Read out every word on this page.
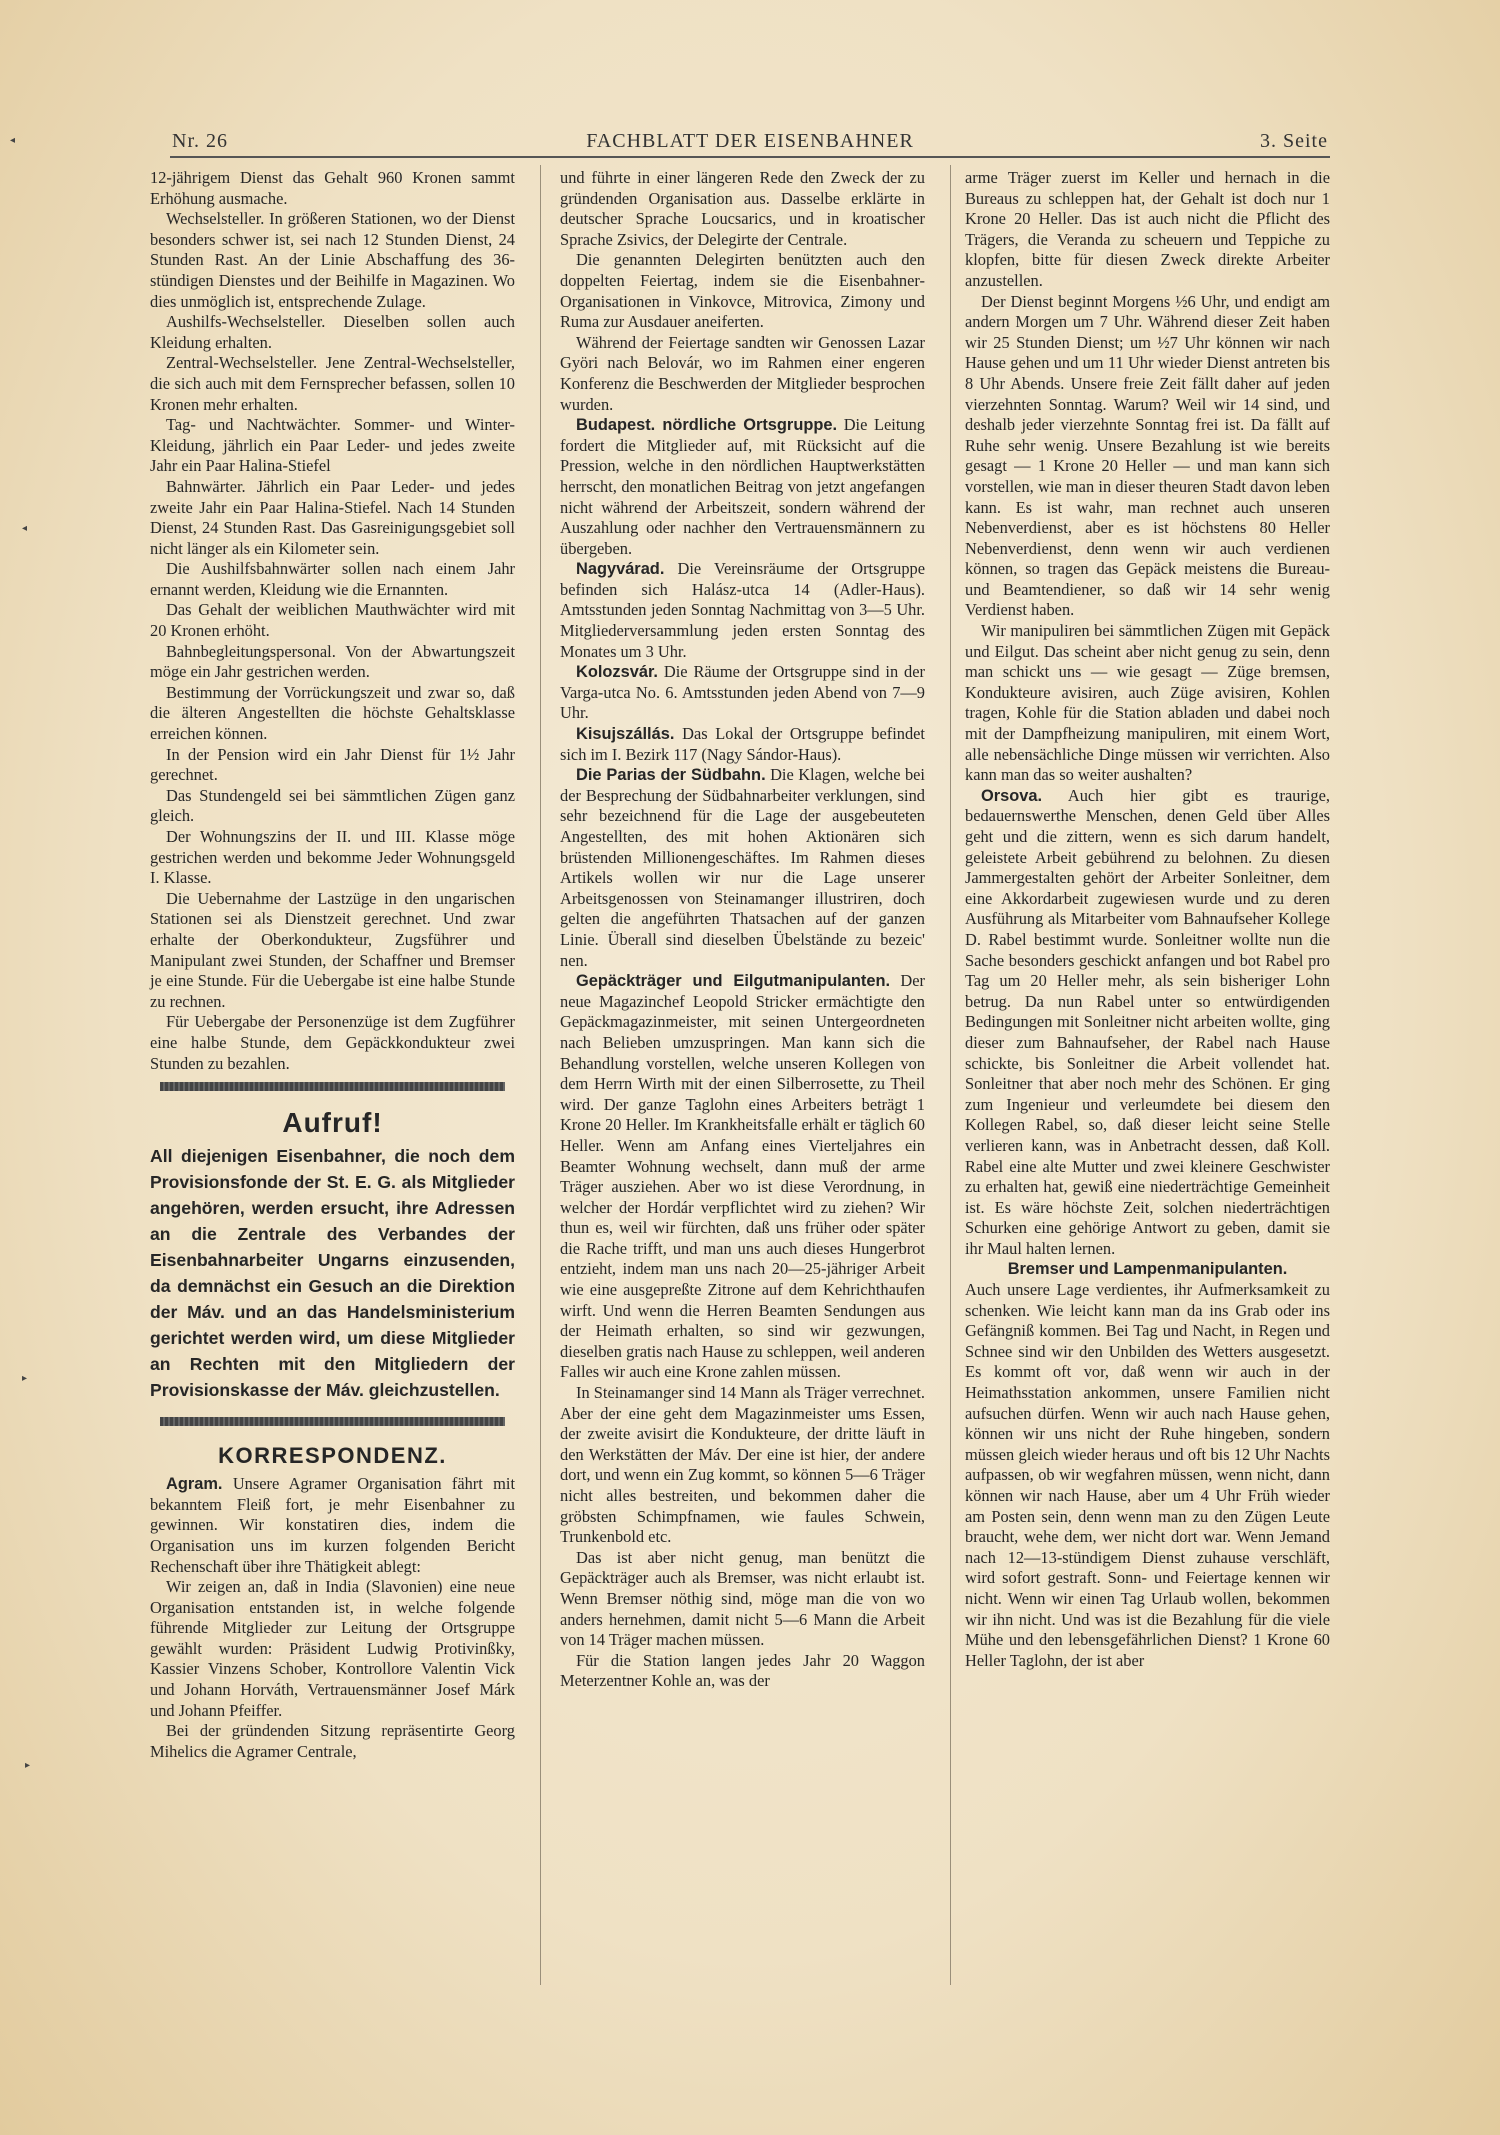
◂
◂
▸
▸
Nr. 26	FACHBLATT DER EISENBAHNER	3. Seite

12-jährigem Dienst das Gehalt 960 Kronen sammt Erhöhung ausmache.

Wechselsteller. In größeren Stationen, wo der Dienst besonders schwer ist, sei nach 12 Stunden Dienst, 24 Stunden Rast. An der Linie Abschaffung des 36-stündigen Dienstes und der Beihilfe in Magazinen. Wo dies unmöglich ist, entsprechende Zulage.

Aushilfs-Wechselsteller. Dieselben sollen auch Kleidung erhalten.

Zentral-Wechselsteller. Jene Zentral-Wechselsteller, die sich auch mit dem Fernsprecher befassen, sollen 10 Kronen mehr erhalten.

Tag- und Nachtwächter. Sommer- und Winter-Kleidung, jährlich ein Paar Leder- und jedes zweite Jahr ein Paar Halina-Stiefel

Bahnwärter. Jährlich ein Paar Leder- und jedes zweite Jahr ein Paar Halina-Stiefel. Nach 14 Stunden Dienst, 24 Stunden Rast. Das Gasreinigungsgebiet soll nicht länger als ein Kilometer sein.

Die Aushilfsbahnwärter sollen nach einem Jahr ernannt werden, Kleidung wie die Ernannten.

Das Gehalt der weiblichen Mauthwächter wird mit 20 Kronen erhöht.

Bahnbegleitungspersonal. Von der Abwartungszeit möge ein Jahr gestrichen werden.

Bestimmung der Vorrückungszeit und zwar so, daß die älteren Angestellten die höchste Gehaltsklasse erreichen können.

In der Pension wird ein Jahr Dienst für 1½ Jahr gerechnet.

Das Stundengeld sei bei sämmtlichen Zügen ganz gleich.

Der Wohnungszins der II. und III. Klasse möge gestrichen werden und bekomme Jeder Wohnungsgeld I. Klasse.

Die Uebernahme der Lastzüge in den ungarischen Stationen sei als Dienstzeit gerechnet. Und zwar erhalte der Oberkondukteur, Zugsführer und Manipulant zwei Stunden, der Schaffner und Bremser je eine Stunde. Für die Uebergabe ist eine halbe Stunde zu rechnen.

Für Uebergabe der Personenzüge ist dem Zugführer eine halbe Stunde, dem Gepäckkondukteur zwei Stunden zu bezahlen.

Aufruf!
All diejenigen Eisenbahner, die noch dem Provisionsfonde der St. E. G. als Mitglieder angehören, werden ersucht, ihre Adressen an die Zentrale des Verbandes der Eisenbahnarbeiter Ungarns einzusenden, da demnächst ein Gesuch an die Direktion der Máv. und an das Handelsministerium gerichtet werden wird, um diese Mitglieder an Rechten mit den Mitgliedern der Provisionskasse der Máv. gleichzustellen.
KORRESPONDENZ.

Agram. Unsere Agramer Organisation fährt mit bekanntem Fleiß fort, je mehr Eisenbahner zu gewinnen. Wir konstatiren dies, indem die Organisation uns im kurzen folgenden Bericht Rechenschaft über ihre Thätigkeit ablegt:

Wir zeigen an, daß in India (Slavonien) eine neue Organisation entstanden ist, in welche folgende führende Mitglieder zur Leitung der Ortsgruppe gewählt wurden: Präsident Ludwig Protivinßky, Kassier Vinzens Schober, Kontrollore Valentin Vick und Johann Horváth, Vertrauensmänner Josef Márk und Johann Pfeiffer.

Bei der gründenden Sitzung repräsentirte Georg Mihelics die Agramer Centrale,

und führte in einer längeren Rede den Zweck der zu gründenden Organisation aus. Dasselbe erklärte in deutscher Sprache Loucsarics, und in kroatischer Sprache Zsivics, der Delegirte der Centrale.

Die genannten Delegirten benützten auch den doppelten Feiertag, indem sie die Eisenbahner-Organisationen in Vinkovce, Mitrovica, Zimony und Ruma zur Ausdauer aneiferten.

Während der Feiertage sandten wir Genossen Lazar Györi nach Belovár, wo im Rahmen einer engeren Konferenz die Beschwerden der Mitglieder besprochen wurden.

Budapest. nördliche Ortsgruppe. Die Leitung fordert die Mitglieder auf, mit Rücksicht auf die Pression, welche in den nördlichen Hauptwerkstätten herrscht, den monatlichen Beitrag von jetzt angefangen nicht während der Arbeitszeit, sondern während der Auszahlung oder nachher den Vertrauensmännern zu übergeben.

Nagyvárad. Die Vereinsräume der Ortsgruppe befinden sich Halász-utca 14 (Adler-Haus). Amtsstunden jeden Sonntag Nachmittag von 3—5 Uhr. Mitgliederversammlung jeden ersten Sonntag des Monates um 3 Uhr.

Kolozsvár. Die Räume der Ortsgruppe sind in der Varga-utca No. 6. Amtsstunden jeden Abend von 7—9 Uhr.

Kisujszállás. Das Lokal der Ortsgruppe befindet sich im I. Bezirk 117 (Nagy Sándor-Haus).

Die Parias der Südbahn. Die Klagen, welche bei der Besprechung der Südbahnarbeiter verklungen, sind sehr bezeichnend für die Lage der ausgebeuteten Angestellten, des mit hohen Aktionären sich brüstenden Millionengeschäftes. Im Rahmen dieses Artikels wollen wir nur die Lage unserer Arbeitsgenossen von Steinamanger illustriren, doch gelten die angeführten Thatsachen auf der ganzen Linie. Überall sind dieselben Übelstände zu bezeic' nen.

Gepäckträger und Eilgutmanipulanten. Der neue Magazinchef Leopold Stricker ermächtigte den Gepäckmagazinmeister, mit seinen Untergeordneten nach Belieben umzuspringen. Man kann sich die Behandlung vorstellen, welche unseren Kollegen von dem Herrn Wirth mit der einen Silberrosette, zu Theil wird. Der ganze Taglohn eines Arbeiters beträgt 1 Krone 20 Heller. Im Krankheitsfalle erhält er täglich 60 Heller. Wenn am Anfang eines Vierteljahres ein Beamter Wohnung wechselt, dann muß der arme Träger ausziehen. Aber wo ist diese Verordnung, in welcher der Hordár verpflichtet wird zu ziehen? Wir thun es, weil wir fürchten, daß uns früher oder später die Rache trifft, und man uns auch dieses Hungerbrot entzieht, indem man uns nach 20—25-jähriger Arbeit wie eine ausgepreßte Zitrone auf dem Kehrichthaufen wirft. Und wenn die Herren Beamten Sendungen aus der Heimath erhalten, so sind wir gezwungen, dieselben gratis nach Hause zu schleppen, weil anderen Falles wir auch eine Krone zahlen müssen.

In Steinamanger sind 14 Mann als Träger verrechnet. Aber der eine geht dem Magazinmeister ums Essen, der zweite avisirt die Kondukteure, der dritte läuft in den Werkstätten der Máv. Der eine ist hier, der andere dort, und wenn ein Zug kommt, so können 5—6 Träger nicht alles bestreiten, und bekommen daher die gröbsten Schimpfnamen, wie faules Schwein, Trunkenbold etc.

Das ist aber nicht genug, man benützt die Gepäckträger auch als Bremser, was nicht erlaubt ist. Wenn Bremser nöthig sind, möge man die von wo anders hernehmen, damit nicht 5—6 Mann die Arbeit von 14 Träger machen müssen.

Für die Station langen jedes Jahr 20 Waggon Meterzentner Kohle an, was der

arme Träger zuerst im Keller und hernach in die Bureaus zu schleppen hat, der Gehalt ist doch nur 1 Krone 20 Heller. Das ist auch nicht die Pflicht des Trägers, die Veranda zu scheuern und Teppiche zu klopfen, bitte für diesen Zweck direkte Arbeiter anzustellen.

Der Dienst beginnt Morgens ½6 Uhr, und endigt am andern Morgen um 7 Uhr. Während dieser Zeit haben wir 25 Stunden Dienst; um ½7 Uhr können wir nach Hause gehen und um 11 Uhr wieder Dienst antreten bis 8 Uhr Abends. Unsere freie Zeit fällt daher auf jeden vierzehnten Sonntag. Warum? Weil wir 14 sind, und deshalb jeder vierzehnte Sonntag frei ist. Da fällt auf Ruhe sehr wenig. Unsere Bezahlung ist wie bereits gesagt — 1 Krone 20 Heller — und man kann sich vorstellen, wie man in dieser theuren Stadt davon leben kann. Es ist wahr, man rechnet auch unseren Nebenverdienst, aber es ist höchstens 80 Heller Nebenverdienst, denn wenn wir auch verdienen können, so tragen das Gepäck meistens die Bureau- und Beamtendiener, so daß wir 14 sehr wenig Verdienst haben.

Wir manipuliren bei sämmtlichen Zügen mit Gepäck und Eilgut. Das scheint aber nicht genug zu sein, denn man schickt uns — wie gesagt — Züge bremsen, Kondukteure avisiren, auch Züge avisiren, Kohlen tragen, Kohle für die Station abladen und dabei noch mit der Dampfheizung manipuliren, mit einem Wort, alle nebensächliche Dinge müssen wir verrichten. Also kann man das so weiter aushalten?

Orsova. Auch hier gibt es traurige, bedauernswerthe Menschen, denen Geld über Alles geht und die zittern, wenn es sich darum handelt, geleistete Arbeit gebührend zu belohnen. Zu diesen Jammergestalten gehört der Arbeiter Sonleitner, dem eine Akkordarbeit zugewiesen wurde und zu deren Ausführung als Mitarbeiter vom Bahnaufseher Kollege D. Rabel bestimmt wurde. Sonleitner wollte nun die Sache besonders geschickt anfangen und bot Rabel pro Tag um 20 Heller mehr, als sein bisheriger Lohn betrug. Da nun Rabel unter so entwürdigenden Bedingungen mit Sonleitner nicht arbeiten wollte, ging dieser zum Bahnaufseher, der Rabel nach Hause schickte, bis Sonleitner die Arbeit vollendet hat. Sonleitner that aber noch mehr des Schönen. Er ging zum Ingenieur und verleumdete bei diesem den Kollegen Rabel, so, daß dieser leicht seine Stelle verlieren kann, was in Anbetracht dessen, daß Koll. Rabel eine alte Mutter und zwei kleinere Geschwister zu erhalten hat, gewiß eine niederträchtige Gemeinheit ist. Es wäre höchste Zeit, solchen niederträchtigen Schurken eine gehörige Antwort zu geben, damit sie ihr Maul halten lernen.

Bremser und Lampenmanipulanten.

Auch unsere Lage verdientes, ihr Aufmerksamkeit zu schenken. Wie leicht kann man da ins Grab oder ins Gefängniß kommen. Bei Tag und Nacht, in Regen und Schnee sind wir den Unbilden des Wetters ausgesetzt. Es kommt oft vor, daß wenn wir auch in der Heimathsstation ankommen, unsere Familien nicht aufsuchen dürfen. Wenn wir auch nach Hause gehen, können wir uns nicht der Ruhe hingeben, sondern müssen gleich wieder heraus und oft bis 12 Uhr Nachts aufpassen, ob wir wegfahren müssen, wenn nicht, dann können wir nach Hause, aber um 4 Uhr Früh wieder am Posten sein, denn wenn man zu den Zügen Leute braucht, wehe dem, wer nicht dort war. Wenn Jemand nach 12—13-stündigem Dienst zuhause verschläft, wird sofort gestraft. Sonn- und Feiertage kennen wir nicht. Wenn wir einen Tag Urlaub wollen, bekommen wir ihn nicht. Und was ist die Bezahlung für die viele Mühe und den lebensgefährlichen Dienst? 1 Krone 60 Heller Taglohn, der ist aber
